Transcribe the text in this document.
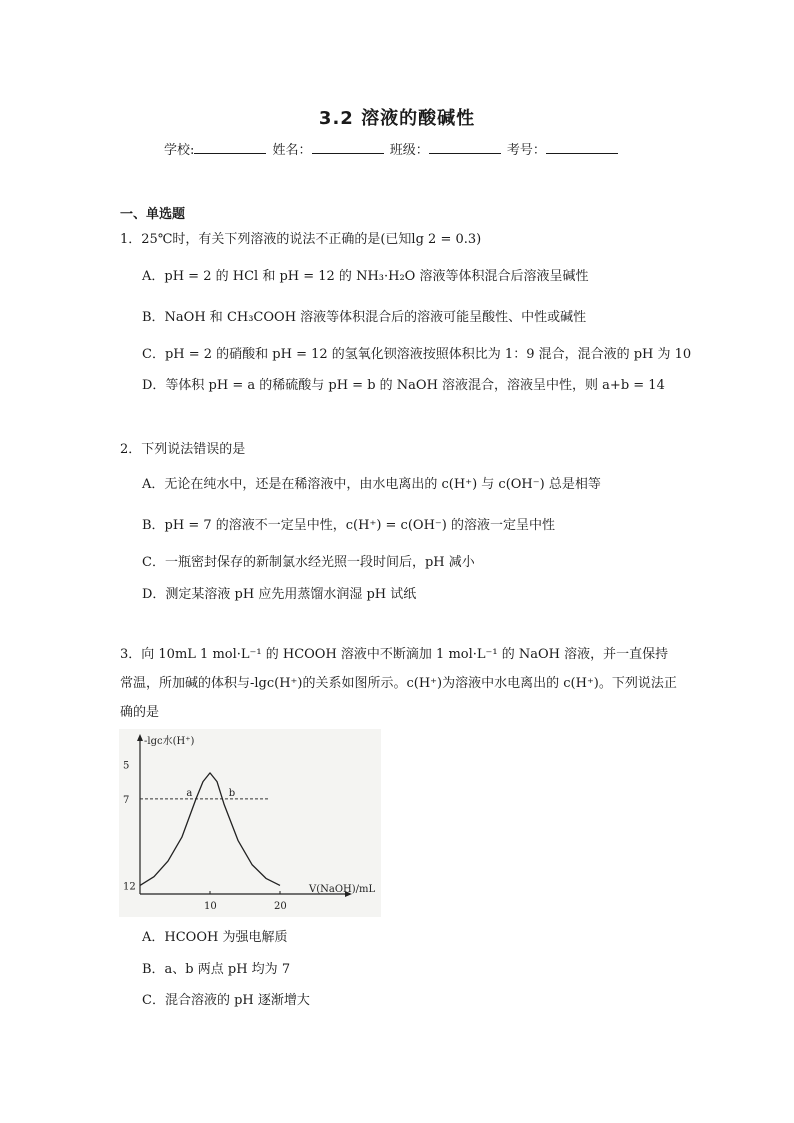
3.2 溶液的酸碱性
学校:	姓名：	班级：	考号：
一、单选题
1．25℃时，有关下列溶液的说法不正确的是(已知lg 2 = 0.3)
A．pH = 2 的 HCl 和 pH = 12 的 NH₃·H₂O 溶液等体积混合后溶液呈碱性
B．NaOH 和 CH₃COOH 溶液等体积混合后的溶液可能呈酸性、中性或碱性
C．pH = 2 的硝酸和 pH = 12 的氢氧化钡溶液按照体积比为 1：9 混合，混合液的 pH 为 10
D．等体积 pH = a 的稀硫酸与 pH = b 的 NaOH 溶液混合，溶液呈中性，则 a+b = 14
2．下列说法错误的是
A．无论在纯水中，还是在稀溶液中，由水电离出的 c(H⁺) 与 c(OH⁻) 总是相等
B．pH = 7 的溶液不一定呈中性，c(H⁺) = c(OH⁻) 的溶液一定呈中性
C．一瓶密封保存的新制氯水经光照一段时间后，pH 减小
D．测定某溶液 pH 应先用蒸馏水润湿 pH 试纸
3．向 10mL 1 mol·L⁻¹ 的 HCOOH 溶液中不断滴加 1 mol·L⁻¹ 的 NaOH 溶液，并一直保持常温，所加碱的体积与-lgc(H⁺)的关系如图所示。c(H⁺)为溶液中水电离出的 c(H⁺)。下列说法正确的是
-lgc水(H⁺)
V(NaOH)/mL
5
7
12
10	20
a	b
A．HCOOH 为强电解质
B．a、b 两点 pH 均为 7
C．混合溶液的 pH 逐渐增大
